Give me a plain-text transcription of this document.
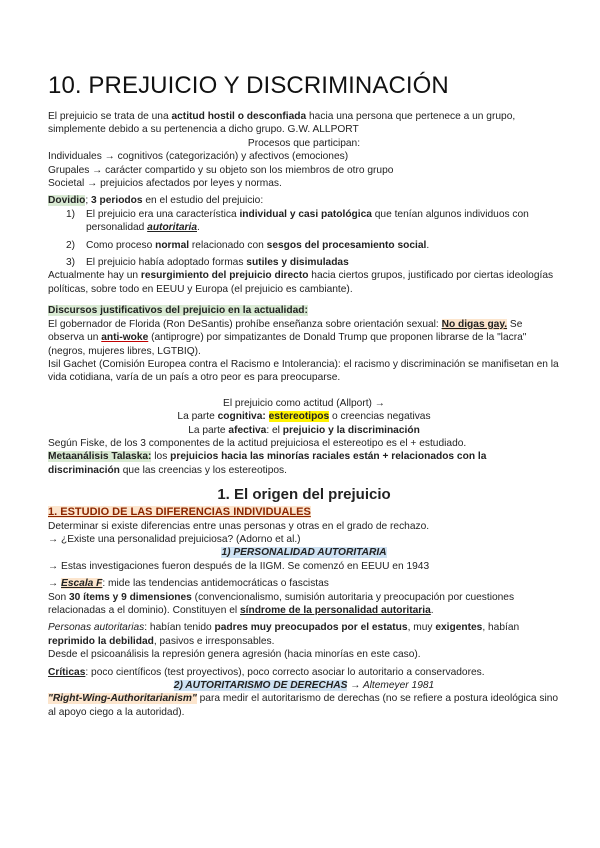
10. PREJUICIO Y DISCRIMINACIÓN

El prejuicio se trata de una actitud hostil o desconfiada hacia una persona que pertenece a un grupo, simplemente debido a su pertenencia a dicho grupo. G.W. ALLPORT

Procesos que participan:

Individuales → cognitivos (categorización) y afectivos (emociones)

Grupales → carácter compartido y su objeto son los miembros de otro grupo

Societal → prejuicios afectados por leyes y normas.

Dovidio; 3 periodos en el estudio del prejuicio:

1) El prejuicio era una característica individual y casi patológica que tenían algunos individuos con personalidad autoritaria.
2) Como proceso normal relacionado con sesgos del procesamiento social.
3) El prejuicio había adoptado formas sutiles y disimuladas

Actualmente hay un resurgimiento del prejuicio directo hacia ciertos grupos, justificado por ciertas ideologías políticas, sobre todo en EEUU y Europa (el prejuicio es cambiante).

Discursos justificativos del prejuicio en la actualidad:

El gobernador de Florida (Ron DeSantis) prohíbe enseñanza sobre orientación sexual: No digas gay. Se observa un anti-woke (antiprogre) por simpatizantes de Donald Trump que proponen librarse de la "lacra" (negros, mujeres libres, LGTBIQ).

Isil Gachet (Comisión Europea contra el Racismo e Intolerancia): el racismo y discriminación se manifisetan en la vida cotidiana, varía de un país a otro peor es para preocuparse.

El prejuicio como actitud (Allport) →

La parte cognitiva: estereotipos o creencias negativas

La parte afectiva: el prejuicio y la discriminación

Según Fiske, de los 3 componentes de la actitud prejuiciosa el estereotipo es el + estudiado.

Metaanálisis Talaska: los prejuicios hacia las minorías raciales están + relacionados con la discriminación que las creencias y los estereotipos.

1. El origen del prejuicio

1. ESTUDIO DE LAS DIFERENCIAS INDIVIDUALES

Determinar si existe diferencias entre unas personas y otras en el grado de rechazo.

→ ¿Existe una personalidad prejuiciosa? (Adorno et al.)

1) PERSONALIDAD AUTORITARIA

→ Estas investigaciones fueron después de la IIGM. Se comenzó en EEUU en 1943

→ Escala F: mide las tendencias antidemocráticas o fascistas

Son 30 ítems y 9 dimensiones (convencionalismo, sumisión autoritaria y preocupación por cuestiones relacionadas a el dominio). Constituyen el síndrome de la personalidad autoritaria.

Personas autoritarias: habían tenido padres muy preocupados por el estatus, muy exigentes, habían reprimido la debilidad, pasivos e irresponsables.

Desde el psicoanálisis la represión genera agresión (hacia minorías en este caso).

Críticas: poco científicos (test proyectivos), poco correcto asociar lo autoritario a conservadores.

2) AUTORITARISMO DE DERECHAS → Altemeyer 1981

"Right-Wing-Authoritarianism" para medir el autoritarismo de derechas (no se refiere a postura ideológica sino al apoyo ciego a la autoridad).
